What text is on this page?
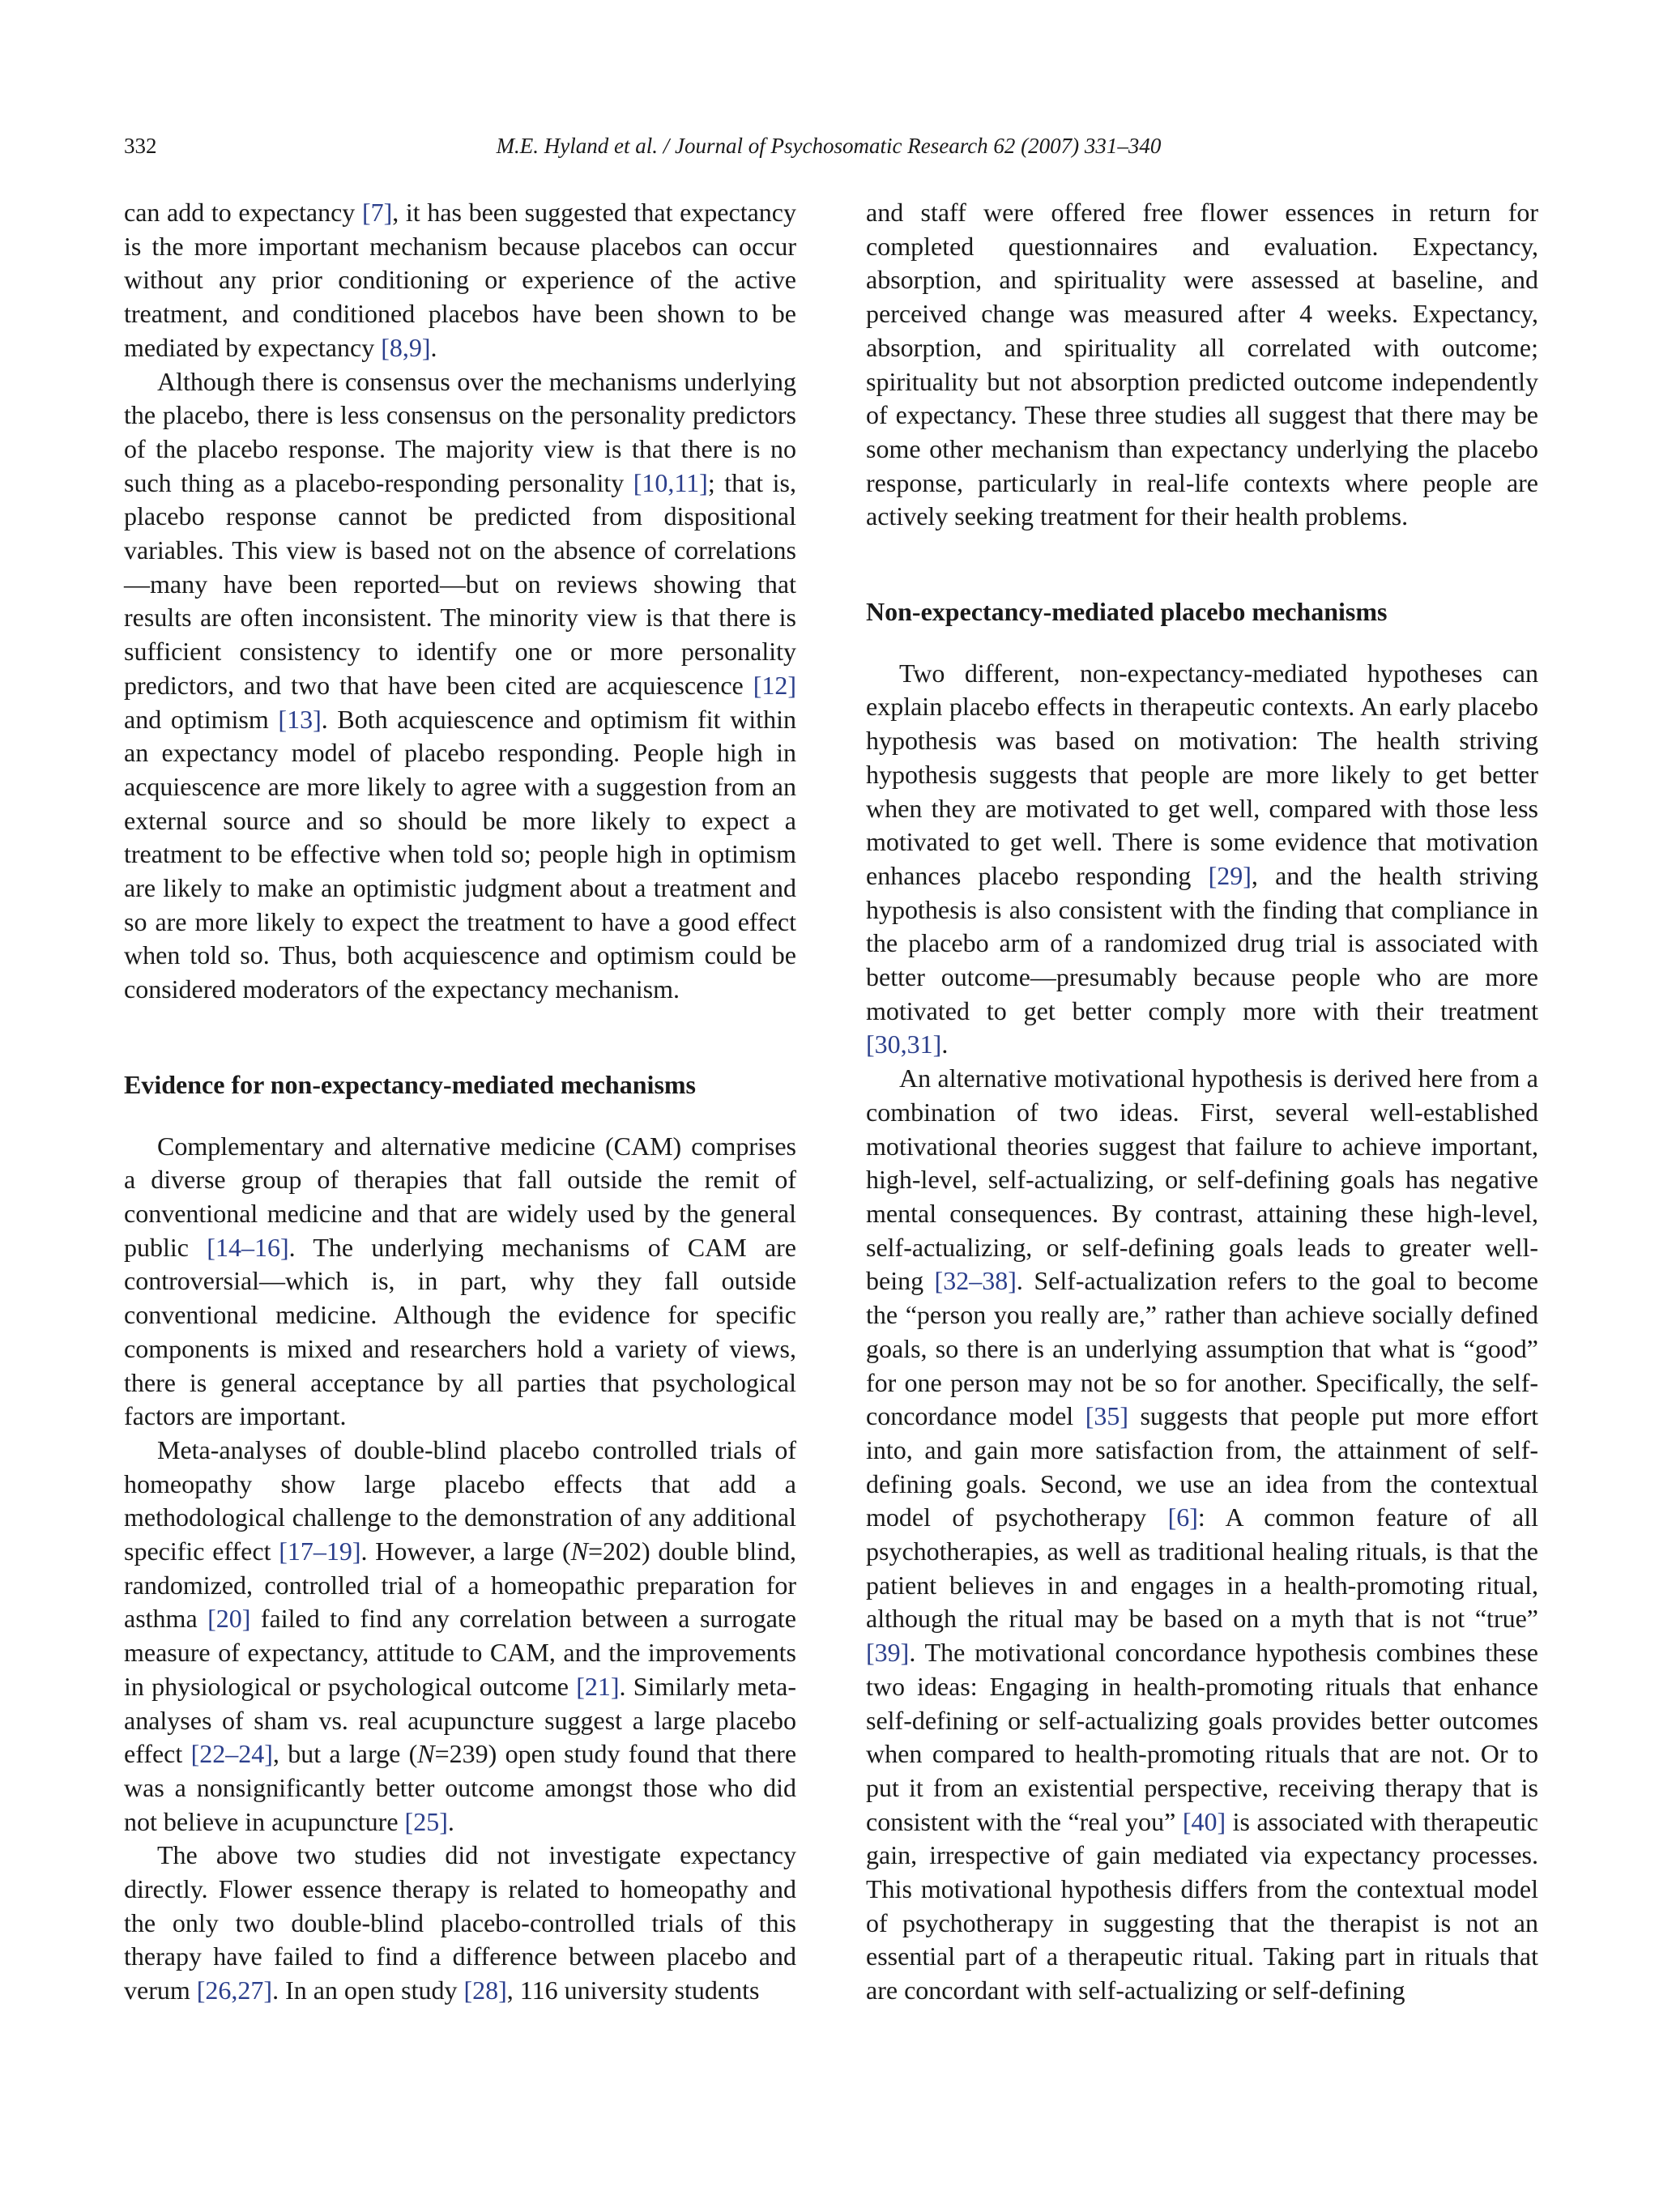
332	M.E. Hyland et al. / Journal of Psychosomatic Research 62 (2007) 331–340

can add to expectancy [7], it has been suggested that expectancy is the more important mechanism because placebos can occur without any prior conditioning or experience of the active treatment, and conditioned placebos have been shown to be mediated by expectancy [8,9].

Although there is consensus over the mechanisms underlying the placebo, there is less consensus on the personality predictors of the placebo response. The majority view is that there is no such thing as a placebo-responding personality [10,11]; that is, placebo response cannot be predicted from dispositional variables. This view is based not on the absence of correlations—many have been reported—but on reviews showing that results are often inconsistent. The minority view is that there is sufficient consistency to identify one or more personality predictors, and two that have been cited are acquiescence [12] and optimism [13]. Both acquiescence and optimism fit within an expectancy model of placebo responding. People high in acquiescence are more likely to agree with a suggestion from an external source and so should be more likely to expect a treatment to be effective when told so; people high in optimism are likely to make an optimistic judgment about a treatment and so are more likely to expect the treatment to have a good effect when told so. Thus, both acquiescence and optimism could be considered moderators of the expectancy mechanism.

Evidence for non-expectancy-mediated mechanisms

Complementary and alternative medicine (CAM) comprises a diverse group of therapies that fall outside the remit of conventional medicine and that are widely used by the general public [14–16]. The underlying mechanisms of CAM are controversial—which is, in part, why they fall outside conventional medicine. Although the evidence for specific components is mixed and researchers hold a variety of views, there is general acceptance by all parties that psychological factors are important.

Meta-analyses of double-blind placebo controlled trials of homeopathy show large placebo effects that add a methodological challenge to the demonstration of any additional specific effect [17–19]. However, a large (N=202) double blind, randomized, controlled trial of a homeopathic preparation for asthma [20] failed to find any correlation between a surrogate measure of expectancy, attitude to CAM, and the improvements in physiological or psychological outcome [21]. Similarly meta-analyses of sham vs. real acupuncture suggest a large placebo effect [22–24], but a large (N=239) open study found that there was a nonsignificantly better outcome amongst those who did not believe in acupuncture [25].

The above two studies did not investigate expectancy directly. Flower essence therapy is related to homeopathy and the only two double-blind placebo-controlled trials of this therapy have failed to find a difference between placebo and verum [26,27]. In an open study [28], 116 university students

and staff were offered free flower essences in return for completed questionnaires and evaluation. Expectancy, absorption, and spirituality were assessed at baseline, and perceived change was measured after 4 weeks. Expectancy, absorption, and spirituality all correlated with outcome; spirituality but not absorption predicted outcome independently of expectancy. These three studies all suggest that there may be some other mechanism than expectancy underlying the placebo response, particularly in real-life contexts where people are actively seeking treatment for their health problems.

Non-expectancy-mediated placebo mechanisms

Two different, non-expectancy-mediated hypotheses can explain placebo effects in therapeutic contexts. An early placebo hypothesis was based on motivation: The health striving hypothesis suggests that people are more likely to get better when they are motivated to get well, compared with those less motivated to get well. There is some evidence that motivation enhances placebo responding [29], and the health striving hypothesis is also consistent with the finding that compliance in the placebo arm of a randomized drug trial is associated with better outcome—presumably because people who are more motivated to get better comply more with their treatment [30,31].

An alternative motivational hypothesis is derived here from a combination of two ideas. First, several well-established motivational theories suggest that failure to achieve important, high-level, self-actualizing, or self-defining goals has negative mental consequences. By contrast, attaining these high-level, self-actualizing, or self-defining goals leads to greater well-being [32–38]. Self-actualization refers to the goal to become the “person you really are,” rather than achieve socially defined goals, so there is an underlying assumption that what is “good” for one person may not be so for another. Specifically, the self-concordance model [35] suggests that people put more effort into, and gain more satisfaction from, the attainment of self-defining goals. Second, we use an idea from the contextual model of psychotherapy [6]: A common feature of all psychotherapies, as well as traditional healing rituals, is that the patient believes in and engages in a health-promoting ritual, although the ritual may be based on a myth that is not “true” [39]. The motivational concordance hypothesis combines these two ideas: Engaging in health-promoting rituals that enhance self-defining or self-actualizing goals provides better outcomes when compared to health-promoting rituals that are not. Or to put it from an existential perspective, receiving therapy that is consistent with the “real you” [40] is associated with therapeutic gain, irrespective of gain mediated via expectancy processes. This motivational hypothesis differs from the contextual model of psychotherapy in suggesting that the therapist is not an essential part of a therapeutic ritual. Taking part in rituals that are concordant with self-actualizing or self-defining
